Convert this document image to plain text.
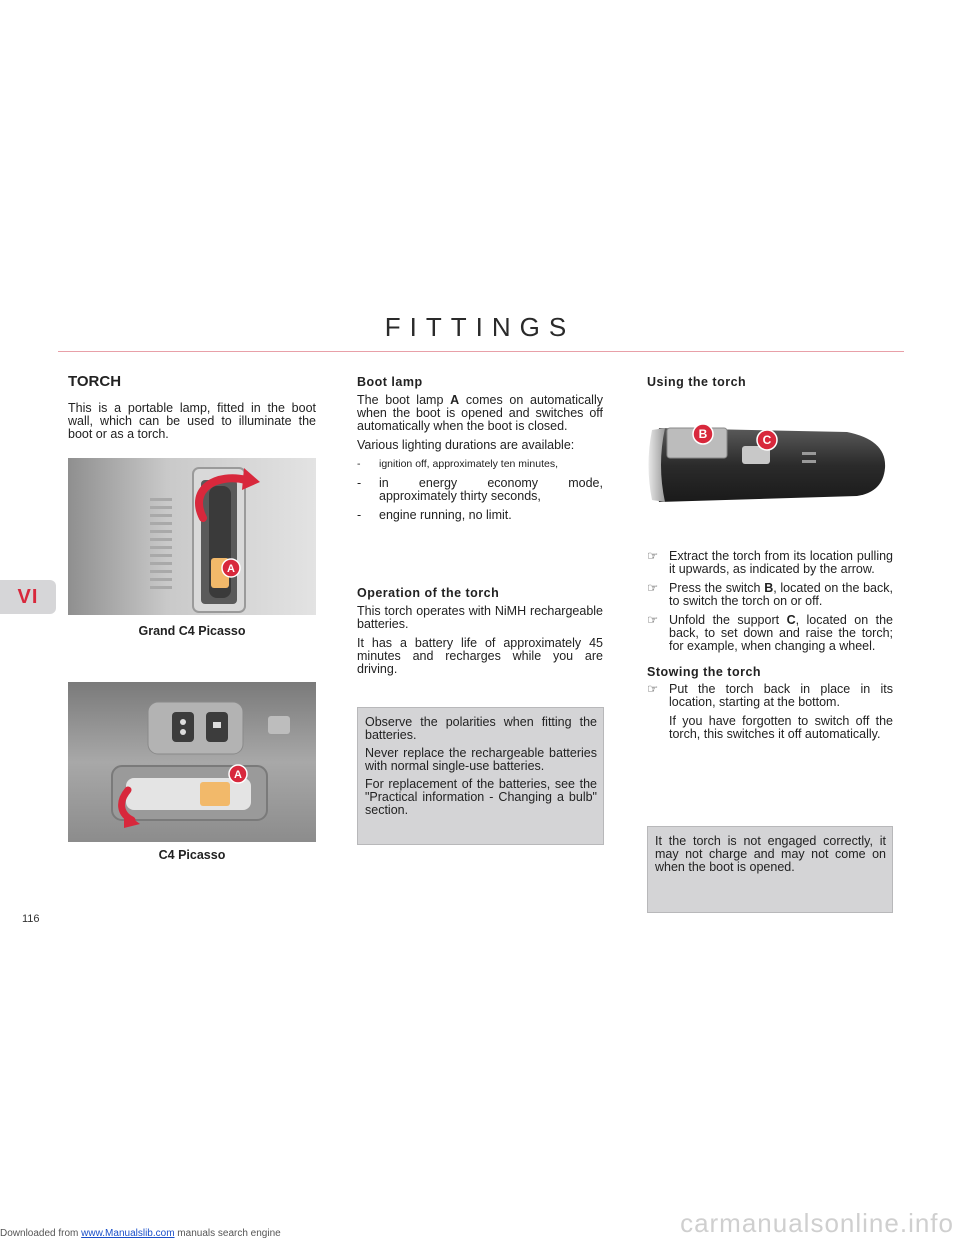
FITTINGS
VI
116
TORCH

This is a portable lamp, fitted in the boot wall, which can be used to illuminate the boot or as a torch.

A
Grand C4 Picasso
A
C4 Picasso
Boot lamp

The boot lamp A comes on automatically when the boot is opened and switches off automatically when the boot is closed.

Various lighting durations are available:

- ignition off, approximately ten minutes,
- in energy economy mode, approximately thirty seconds,
- engine running, no limit.
Operation of the torch

This torch operates with NiMH rechargeable batteries.

It has a battery life of approximately 45 minutes and recharges while you are driving.

Observe the polarities when fitting the batteries.

Never replace the rechargeable batteries with normal single-use batteries.

For replacement of the batteries, see the "Practical information - Changing a bulb" section.

Using the torch
B	C
☞ Extract the torch from its location pulling it upwards, as indicated by the arrow.
☞ Press the switch B, located on the back, to switch the torch on or off.
☞ Unfold the support C, located on the back, to set down and raise the torch; for example, when changing a wheel.
Stowing the torch
☞ Put the torch back in place in its location, starting at the bottom.

If you have forgotten to switch off the torch, this switches it off automatically.

It the torch is not engaged correctly, it may not charge and may not come on when the boot is opened.

Downloaded from www.Manualslib.com manuals search engine	carmanualsonline.info
